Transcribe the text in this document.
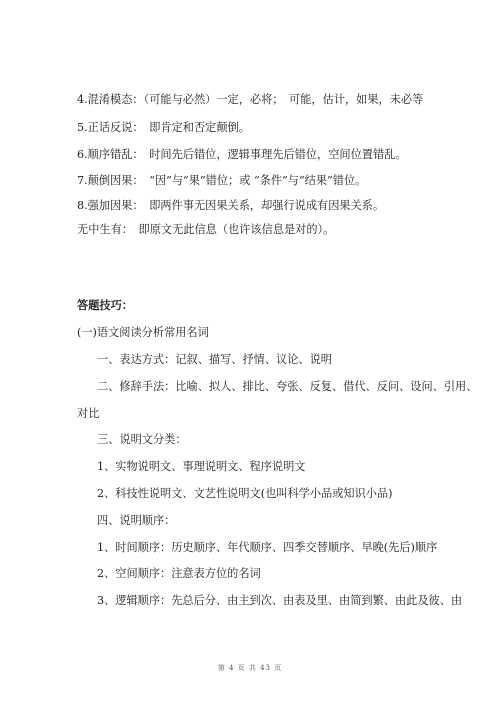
4.混淆模态：（可能与必然）一定，必将；　可能，估计，如果，未必等
5.正话反说：　即肯定和否定颠倒。
6.顺序错乱：　时间先后错位，逻辑事理先后错位，空间位置错乱。
7.颠倒因果：　“因”与“果”错位；或 “条件”与“结果”错位。
8.强加因果：　即两件事无因果关系，却强行说成有因果关系。
无中生有：　即原文无此信息（也许该信息是对的）。
答题技巧：
(一)语文阅读分析常用名词
一、表达方式：记叙、描写、抒情、议论、说明
二、修辞手法：比喻、拟人、排比、夸张、反复、借代、反问、设问、引用、
对比
三、说明文分类：
1、实物说明文、事理说明文、程序说明文
2、科技性说明文、文艺性说明文(也叫科学小品或知识小品)
四、说明顺序：
1、时间顺序：历史顺序、年代顺序、四季交替顺序、早晚(先后)顺序
2、空间顺序：注意表方位的名词
3、逻辑顺序：先总后分、由主到次、由表及里、由简到繁、由此及彼、由
第 4 页 共 43 页
